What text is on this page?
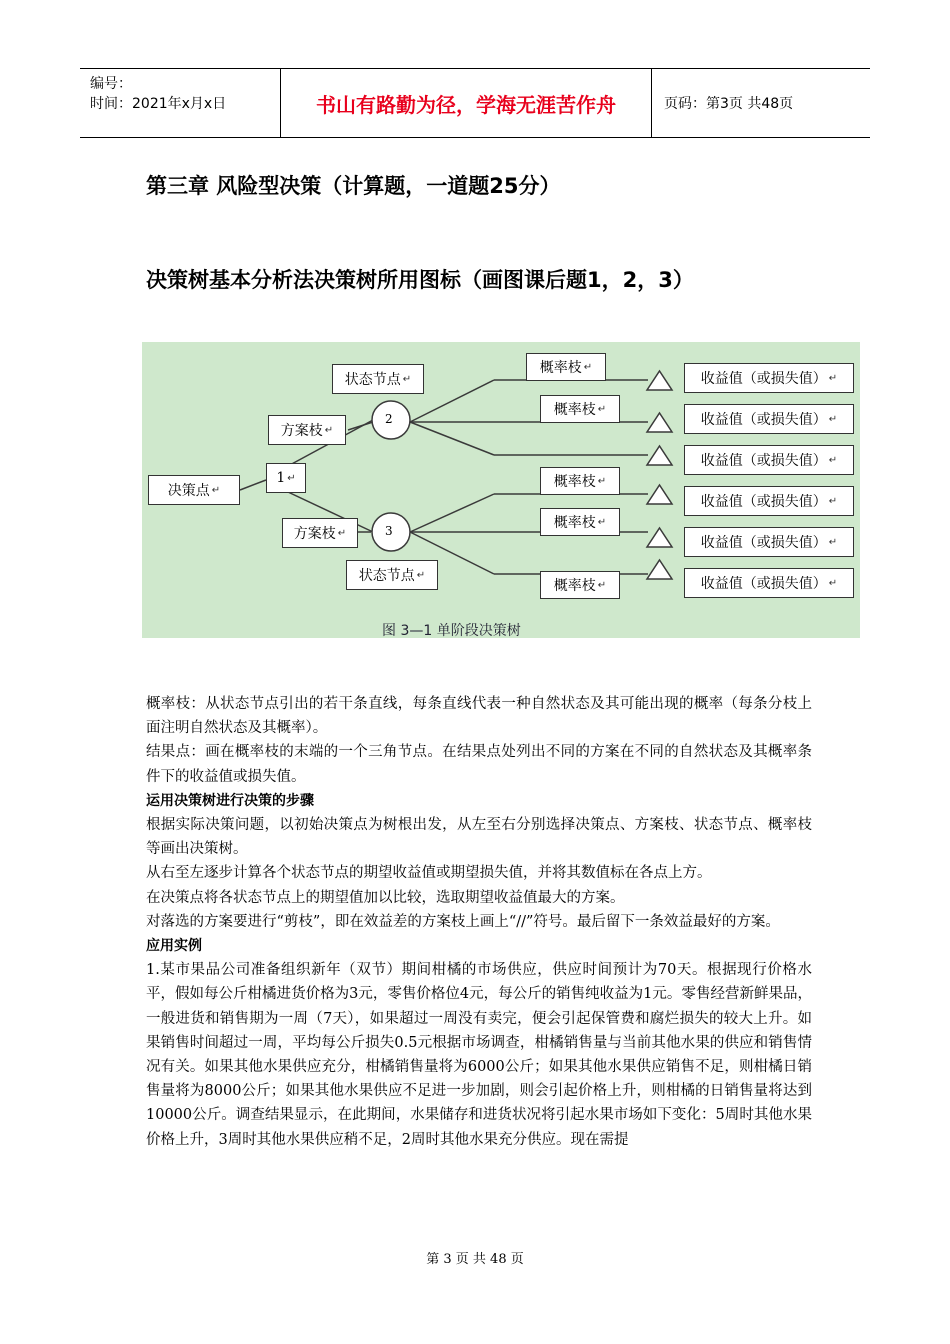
编号：
时间：2021年x月x日	书山有路勤为径，学海无涯苦作舟	页码：第3页 共48页
第三章 风险型决策（计算题，一道题25分）
决策树基本分析法决策树所用图标（画图课后题1，2，3）
决策点 ↵
1 ↵
方案枝 ↵
方案枝 ↵
状态节点 ↵
状态节点 ↵
2
3
概率枝 ↵
概率枝 ↵
概率枝 ↵
概率枝 ↵
概率枝 ↵
收益值（或损失值） ↵
收益值（或损失值） ↵
收益值（或损失值） ↵
收益值（或损失值） ↵
收益值（或损失值） ↵
收益值（或损失值） ↵
图 3—1 单阶段决策树

概率枝：从状态节点引出的若干条直线，每条直线代表一种自然状态及其可能出现的概率（每条分枝上面注明自然状态及其概率）。

结果点：画在概率枝的末端的一个三角节点。在结果点处列出不同的方案在不同的自然状态及其概率条件下的收益值或损失值。

运用决策树进行决策的步骤

根据实际决策问题，以初始决策点为树根出发，从左至右分别选择决策点、方案枝、状态节点、概率枝等画出决策树。

从右至左逐步计算各个状态节点的期望收益值或期望损失值，并将其数值标在各点上方。

在决策点将各状态节点上的期望值加以比较，选取期望收益值最大的方案。

对落选的方案要进行“剪枝”，即在效益差的方案枝上画上“//”符号。最后留下一条效益最好的方案。

应用实例

1.某市果品公司准备组织新年（双节）期间柑橘的市场供应，供应时间预计为70天。根据现行价格水平，假如每公斤柑橘进货价格为3元，零售价格位4元，每公斤的销售纯收益为1元。零售经营新鲜果品，一般进货和销售期为一周（7天），如果超过一周没有卖完，便会引起保管费和腐烂损失的较大上升。如果销售时间超过一周，平均每公斤损失0.5元根据市场调查，柑橘销售量与当前其他水果的供应和销售情况有关。如果其他水果供应充分，柑橘销售量将为6000公斤；如果其他水果供应销售不足，则柑橘日销售量将为8000公斤；如果其他水果供应不足进一步加剧，则会引起价格上升，则柑橘的日销售量将达到10000公斤。调查结果显示，在此期间，水果储存和进货状况将引起水果市场如下变化：5周时其他水果价格上升，3周时其他水果供应稍不足，2周时其他水果充分供应。现在需提

第 3 页 共 48 页
